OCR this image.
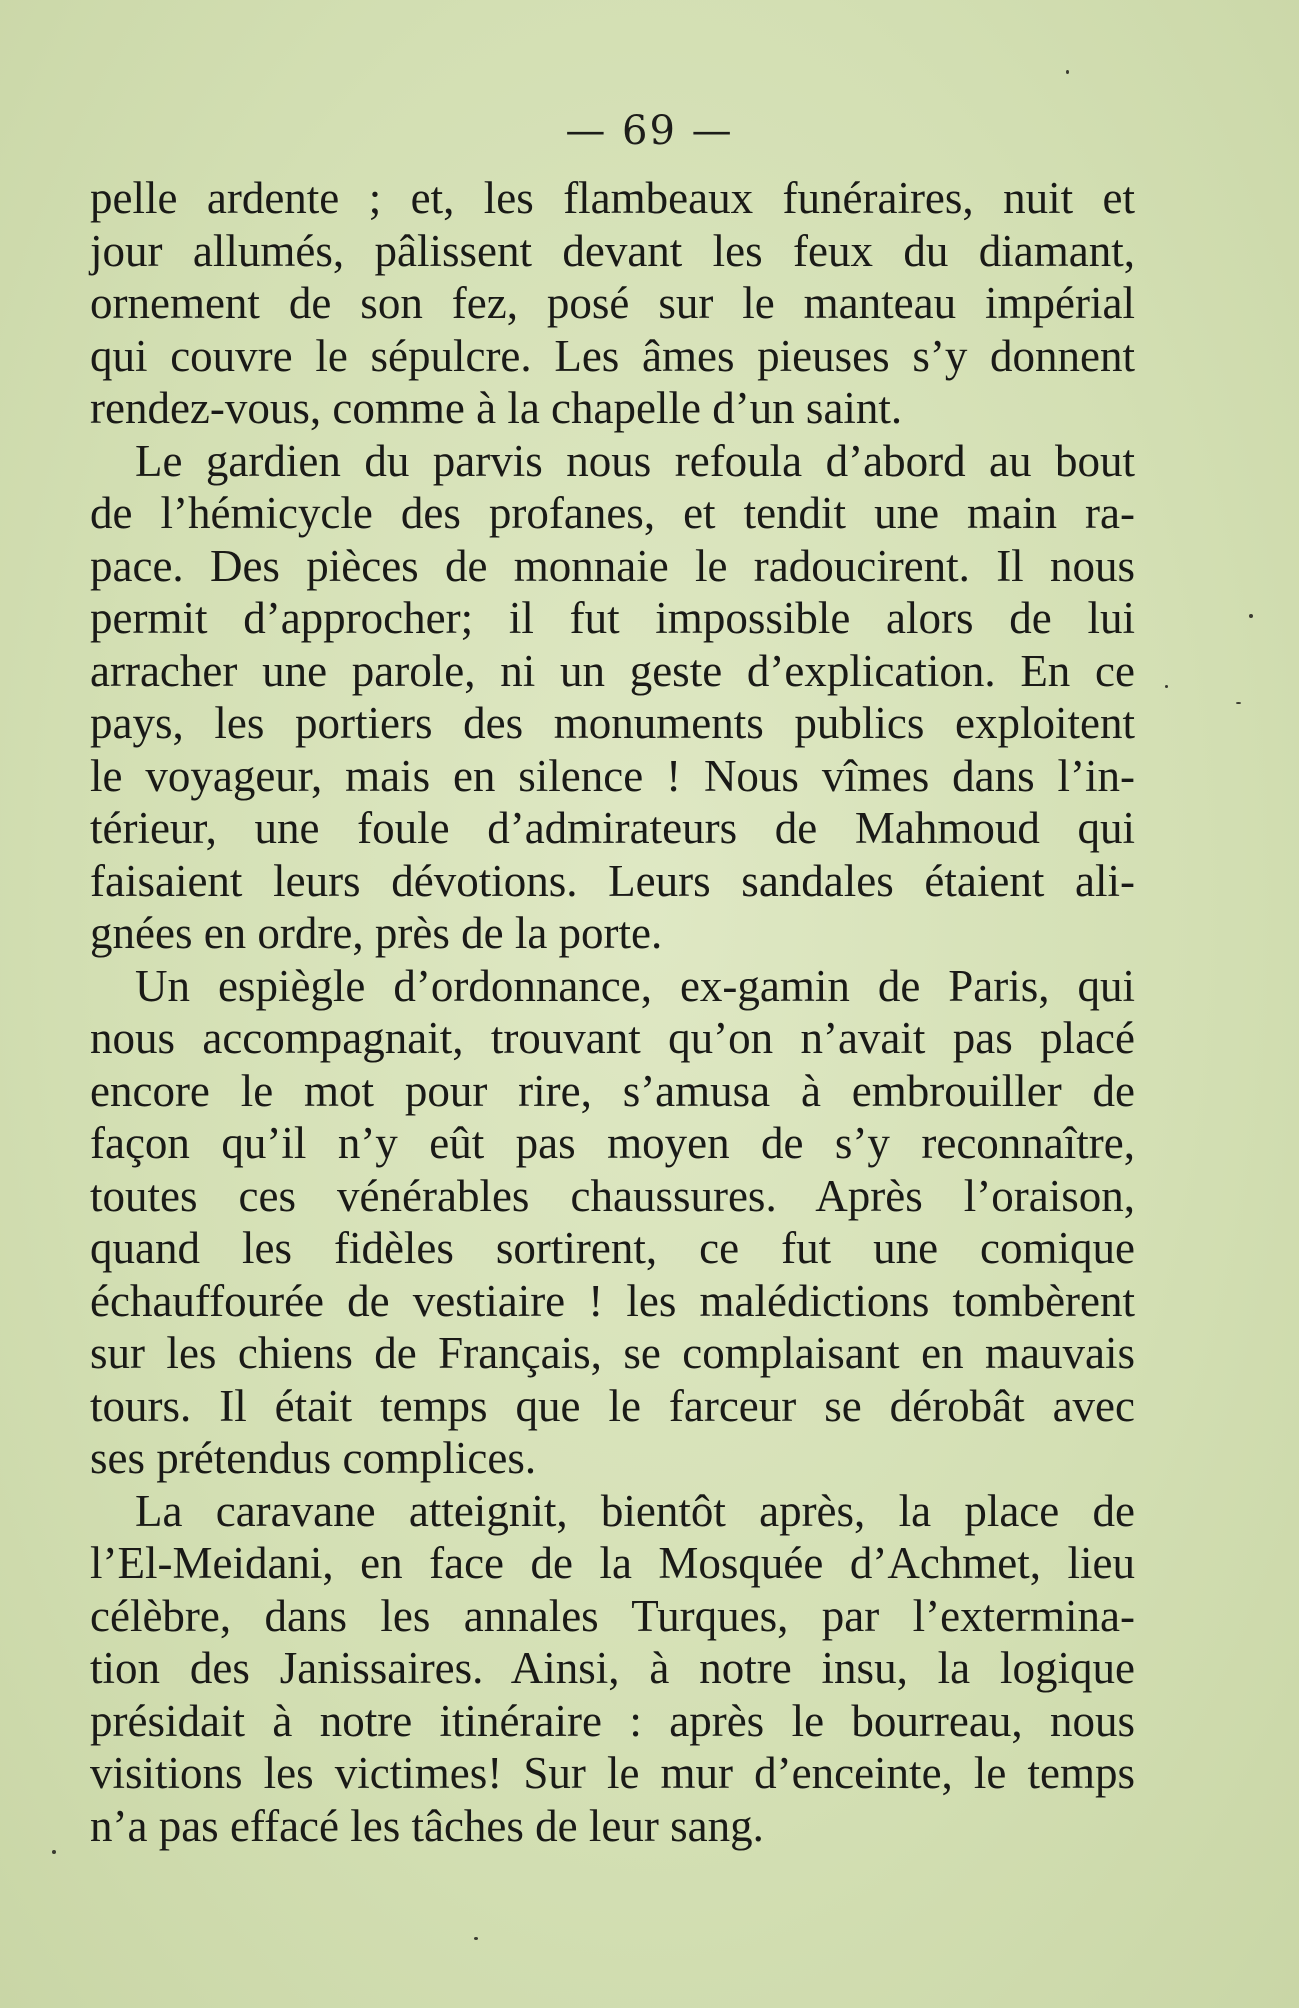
— 69 —
pelle ardente ; et, les flambeaux funéraires, nuit et
jour allumés, pâlissent devant les feux du diamant,
ornement de son fez, posé sur le manteau impérial
qui couvre le sépulcre. Les âmes pieuses s’y donnent
rendez-vous, comme à la chapelle d’un saint.
Le gardien du parvis nous refoula d’abord au bout
de l’hémicycle des profanes, et tendit une main ra-
pace. Des pièces de monnaie le radoucirent. Il nous
permit d’approcher; il fut impossible alors de lui
arracher une parole, ni un geste d’explication. En ce
pays, les portiers des monuments publics exploitent
le voyageur, mais en silence ! Nous vîmes dans l’in-
térieur, une foule d’admirateurs de Mahmoud qui
faisaient leurs dévotions. Leurs sandales étaient ali-
gnées en ordre, près de la porte.
Un espiègle d’ordonnance, ex-gamin de Paris, qui
nous accompagnait, trouvant qu’on n’avait pas placé
encore le mot pour rire, s’amusa à embrouiller de
façon qu’il n’y eût pas moyen de s’y reconnaître,
toutes ces vénérables chaussures. Après l’oraison,
quand les fidèles sortirent, ce fut une comique
échauffourée de vestiaire ! les malédictions tombèrent
sur les chiens de Français, se complaisant en mauvais
tours. Il était temps que le farceur se dérobât avec
ses prétendus complices.
La caravane atteignit, bientôt après, la place de
l’El-Meidani, en face de la Mosquée d’Achmet, lieu
célèbre, dans les annales Turques, par l’extermina-
tion des Janissaires. Ainsi, à notre insu, la logique
présidait à notre itinéraire : après le bourreau, nous
visitions les victimes! Sur le mur d’enceinte, le temps
n’a pas effacé les tâches de leur sang.
